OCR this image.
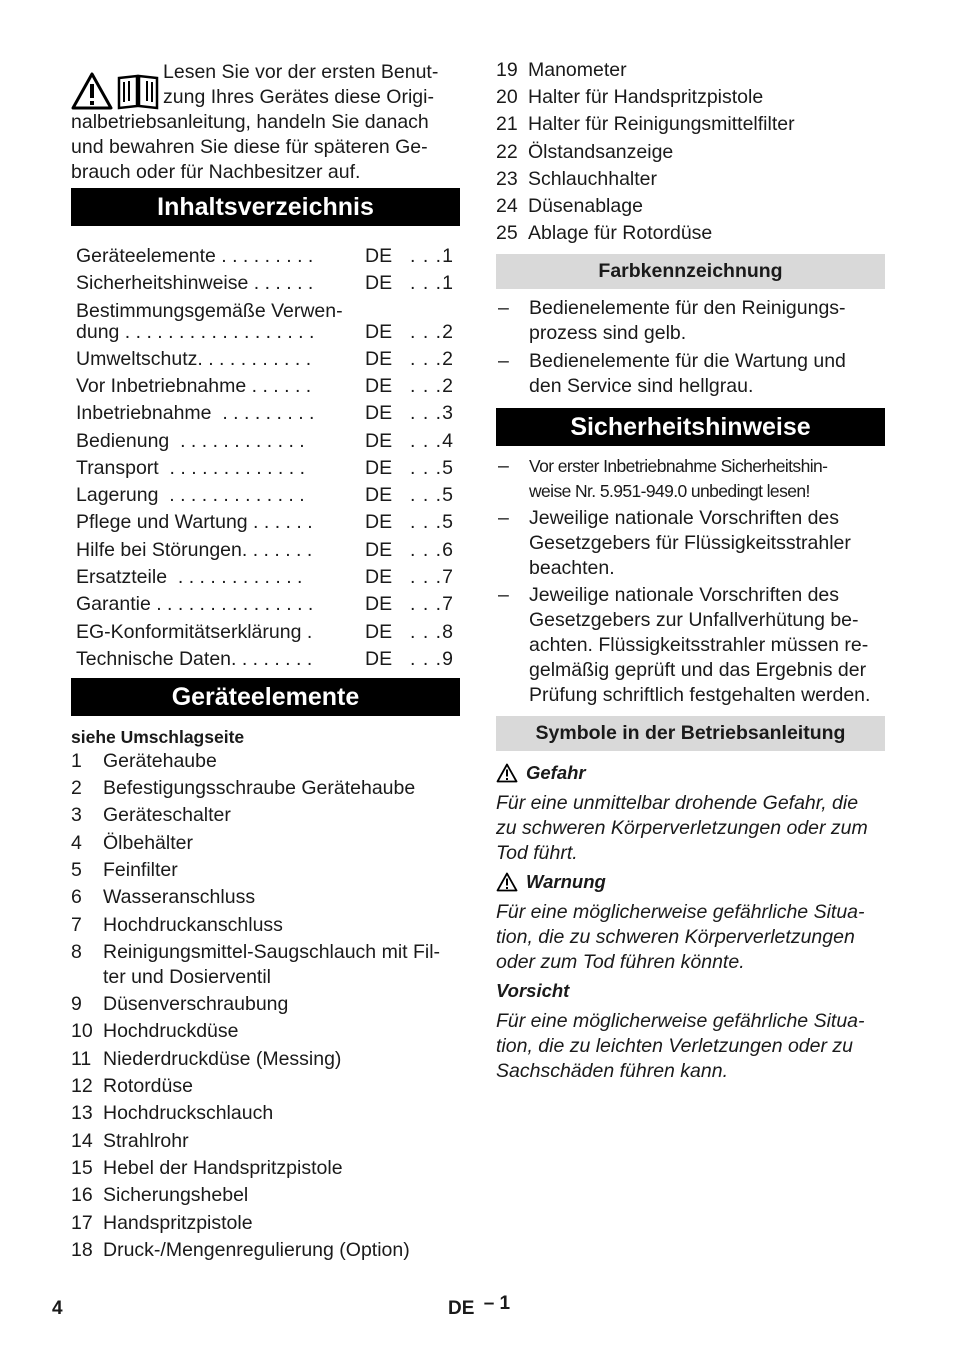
Lesen Sie vor der ersten Benut-

zung Ihres Gerätes diese Origi-

nalbetriebsanleitung, handeln Sie danach

und bewahren Sie diese für späteren Ge-

brauch oder für Nachbesitzer auf.

Inhaltsverzeichnis
Geräteelemente . . . . . . . . .	DE . . .1
Sicherheitshinweise . . . . . .	DE . . .1
Bestimmungsgemäße Verwen-
dung . . . . . . . . . . . . . . . . . .	DE . . .2
Umweltschutz. . . . . . . . . . .	DE . . .2
Vor Inbetriebnahme . . . . . .	DE . . .2
Inbetriebnahme  . . . . . . . . .	DE . . .3
Bedienung  . . . . . . . . . . . .	DE . . .4
Transport  . . . . . . . . . . . . .	DE . . .5
Lagerung  . . . . . . . . . . . . .	DE . . .5
Pflege und Wartung . . . . . .	DE . . .5
Hilfe bei Störungen. . . . . . .	DE . . .6
Ersatzteile  . . . . . . . . . . . .	DE . . .7
Garantie . . . . . . . . . . . . . . .	DE . . .7
EG-Konformitätserklärung .	DE . . .8
Technische Daten. . . . . . . .	DE . . .9
Geräteelemente
siehe Umschlagseite
1 Gerätehaube
2 Befestigungsschraube Gerätehaube
3 Geräteschalter
4 Ölbehälter
5 Feinfilter
6 Wasseranschluss
7 Hochdruckanschluss
8 Reinigungsmittel-Saugschlauch mit Fil-
ter und Dosierventil
9 Düsenverschraubung
10 Hochdruckdüse
11 Niederdruckdüse (Messing)
12 Rotordüse
13 Hochdruckschlauch
14 Strahlrohr
15 Hebel der Handspritzpistole
16 Sicherungshebel
17 Handspritzpistole
18 Druck-/Mengenregulierung (Option)
19 Manometer
20 Halter für Handspritzpistole
21 Halter für Reinigungsmittelfilter
22 Ölstandsanzeige
23 Schlauchhalter
24 Düsenablage
25 Ablage für Rotordüse
Farbkennzeichnung
– Bedienelemente für den Reinigungs-
prozess sind gelb.
– Bedienelemente für die Wartung und
den Service sind hellgrau.
Sicherheitshinweise
– Vor erster Inbetriebnahme Sicherheitshin-
weise Nr. 5.951-949.0 unbedingt lesen!
– Jeweilige nationale Vorschriften des
Gesetzgebers für Flüssigkeitsstrahler
beachten.
– Jeweilige nationale Vorschriften des
Gesetzgebers zur Unfallverhütung be-
achten. Flüssigkeitsstrahler müssen re-
gelmäßig geprüft und das Ergebnis der
Prüfung schriftlich festgehalten werden.
Symbole in der Betriebsanleitung
Gefahr
Für eine unmittelbar drohende Gefahr, die
zu schweren Körperverletzungen oder zum
Tod führt.
Warnung
Für eine möglicherweise gefährliche Situa-
tion, die zu schweren Körperverletzungen
oder zum Tod führen könnte.
Vorsicht
Für eine möglicherweise gefährliche Situa-
tion, die zu leichten Verletzungen oder zu
Sachschäden führen kann.
4	DE – 1
